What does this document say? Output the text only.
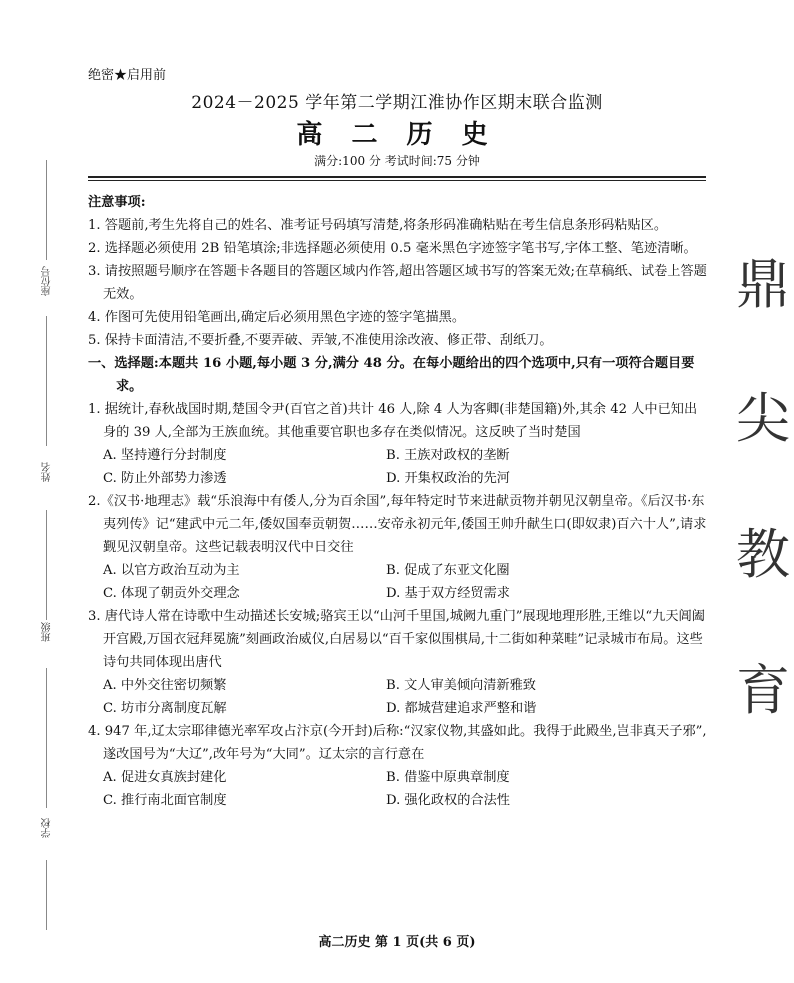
绝密★启用前
2024－2025 学年第二学期江淮协作区期末联合监测
高 二 历 史
满分:100 分 考试时间:75 分钟
座位号
姓名
班级
学校
鼎
尖
教
育

注意事项:

1. 答题前,考生先将自己的姓名、准考证号码填写清楚,将条形码准确粘贴在考生信息条形码粘贴区。

2. 选择题必须使用 2B 铅笔填涂;非选择题必须使用 0.5 毫米黑色字迹签字笔书写,字体工整、笔迹清晰。

3. 请按照题号顺序在答题卡各题目的答题区域内作答,超出答题区域书写的答案无效;在草稿纸、试卷上答题无效。

4. 作图可先使用铅笔画出,确定后必须用黑色字迹的签字笔描黑。

5. 保持卡面清洁,不要折叠,不要弄破、弄皱,不准使用涂改液、修正带、刮纸刀。

一、选择题:本题共 16 小题,每小题 3 分,满分 48 分。在每小题给出的四个选项中,只有一项符合题目要求。

1. 据统计,春秋战国时期,楚国令尹(百官之首)共计 46 人,除 4 人为客卿(非楚国籍)外,其余 42 人中已知出身的 39 人,全部为王族血统。其他重要官职也多存在类似情况。这反映了当时楚国

A. 坚持遵行分封制度	B. 王族对政权的垄断
C. 防止外部势力渗透	D. 开集权政治的先河

2.《汉书·地理志》载“乐浪海中有倭人,分为百余国”,每年特定时节来进献贡物并朝见汉朝皇帝。《后汉书·东夷列传》记“建武中元二年,倭奴国奉贡朝贺……安帝永初元年,倭国王帅升献生口(即奴隶)百六十人”,请求觐见汉朝皇帝。这些记载表明汉代中日交往

A. 以官方政治互动为主	B. 促成了东亚文化圈
C. 体现了朝贡外交理念	D. 基于双方经贸需求

3. 唐代诗人常在诗歌中生动描述长安城;骆宾王以“山河千里国,城阙九重门”展现地理形胜,王维以“九天阊阖开宫殿,万国衣冠拜冕旒”刻画政治威仪,白居易以“百千家似围棋局,十二街如种菜畦”记录城市布局。这些诗句共同体现出唐代

A. 中外交往密切频繁	B. 文人审美倾向清新雅致
C. 坊市分离制度瓦解	D. 都城营建追求严整和谐

4. 947 年,辽太宗耶律德光率军攻占汴京(今开封)后称:“汉家仪物,其盛如此。我得于此殿坐,岂非真天子邪”,遂改国号为“大辽”,改年号为“大同”。辽太宗的言行意在

A. 促进女真族封建化	B. 借鉴中原典章制度
C. 推行南北面官制度	D. 强化政权的合法性
高二历史 第 1 页(共 6 页)
